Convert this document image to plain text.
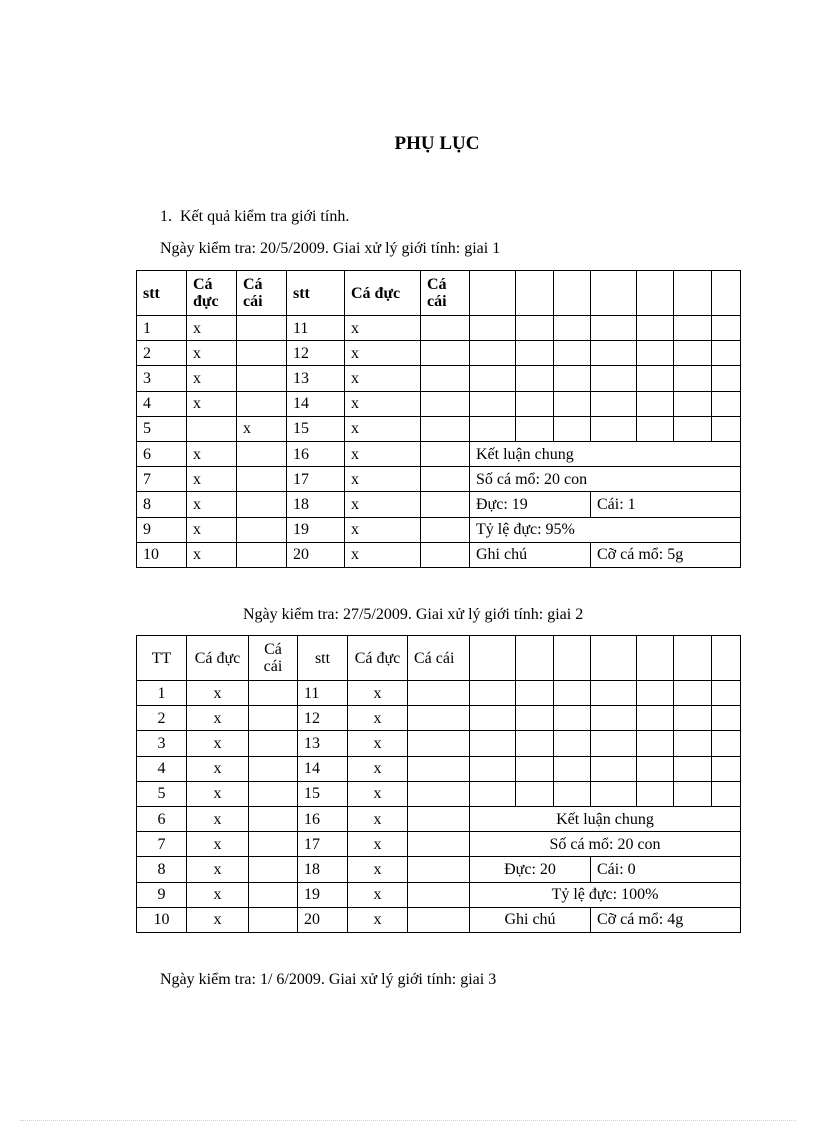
PHỤ LỤC
1. Kết quả kiểm tra giới tính.
Ngày kiểm tra: 20/5/2009. Giai xử lý giới tính: giai 1
stt	Cá đực	Cá cái	stt	Cá đực	Cá cái							
1	x		11	x								
2	x		12	x								
3	x		13	x								
4	x		14	x								
5		x	15	x								
6	x		16	x		Kết luận chung						
7	x		17	x		Số cá mổ: 20 con						
8	x		18	x		Đực: 19			Cái: 1			
9	x		19	x		Tỷ lệ đực: 95%						
10	x		20	x		Ghi chú			Cỡ cá mổ: 5g			
Ngày kiểm tra: 27/5/2009. Giai xử lý giới tính: giai 2
TT	Cá đực	Cá cái	stt	Cá đực	Cá cái							
1	x		11	x								
2	x		12	x								
3	x		13	x								
4	x		14	x								
5	x		15	x								
6	x		16	x		Kết luận chung						
7	x		17	x		Số cá mổ: 20 con						
8	x		18	x		Đực: 20			Cái: 0			
9	x		19	x		Tỷ lệ đực: 100%						
10	x		20	x		Ghi chú			Cỡ cá mổ: 4g			
Ngày kiểm tra: 1/ 6/2009. Giai xử lý giới tính: giai 3
